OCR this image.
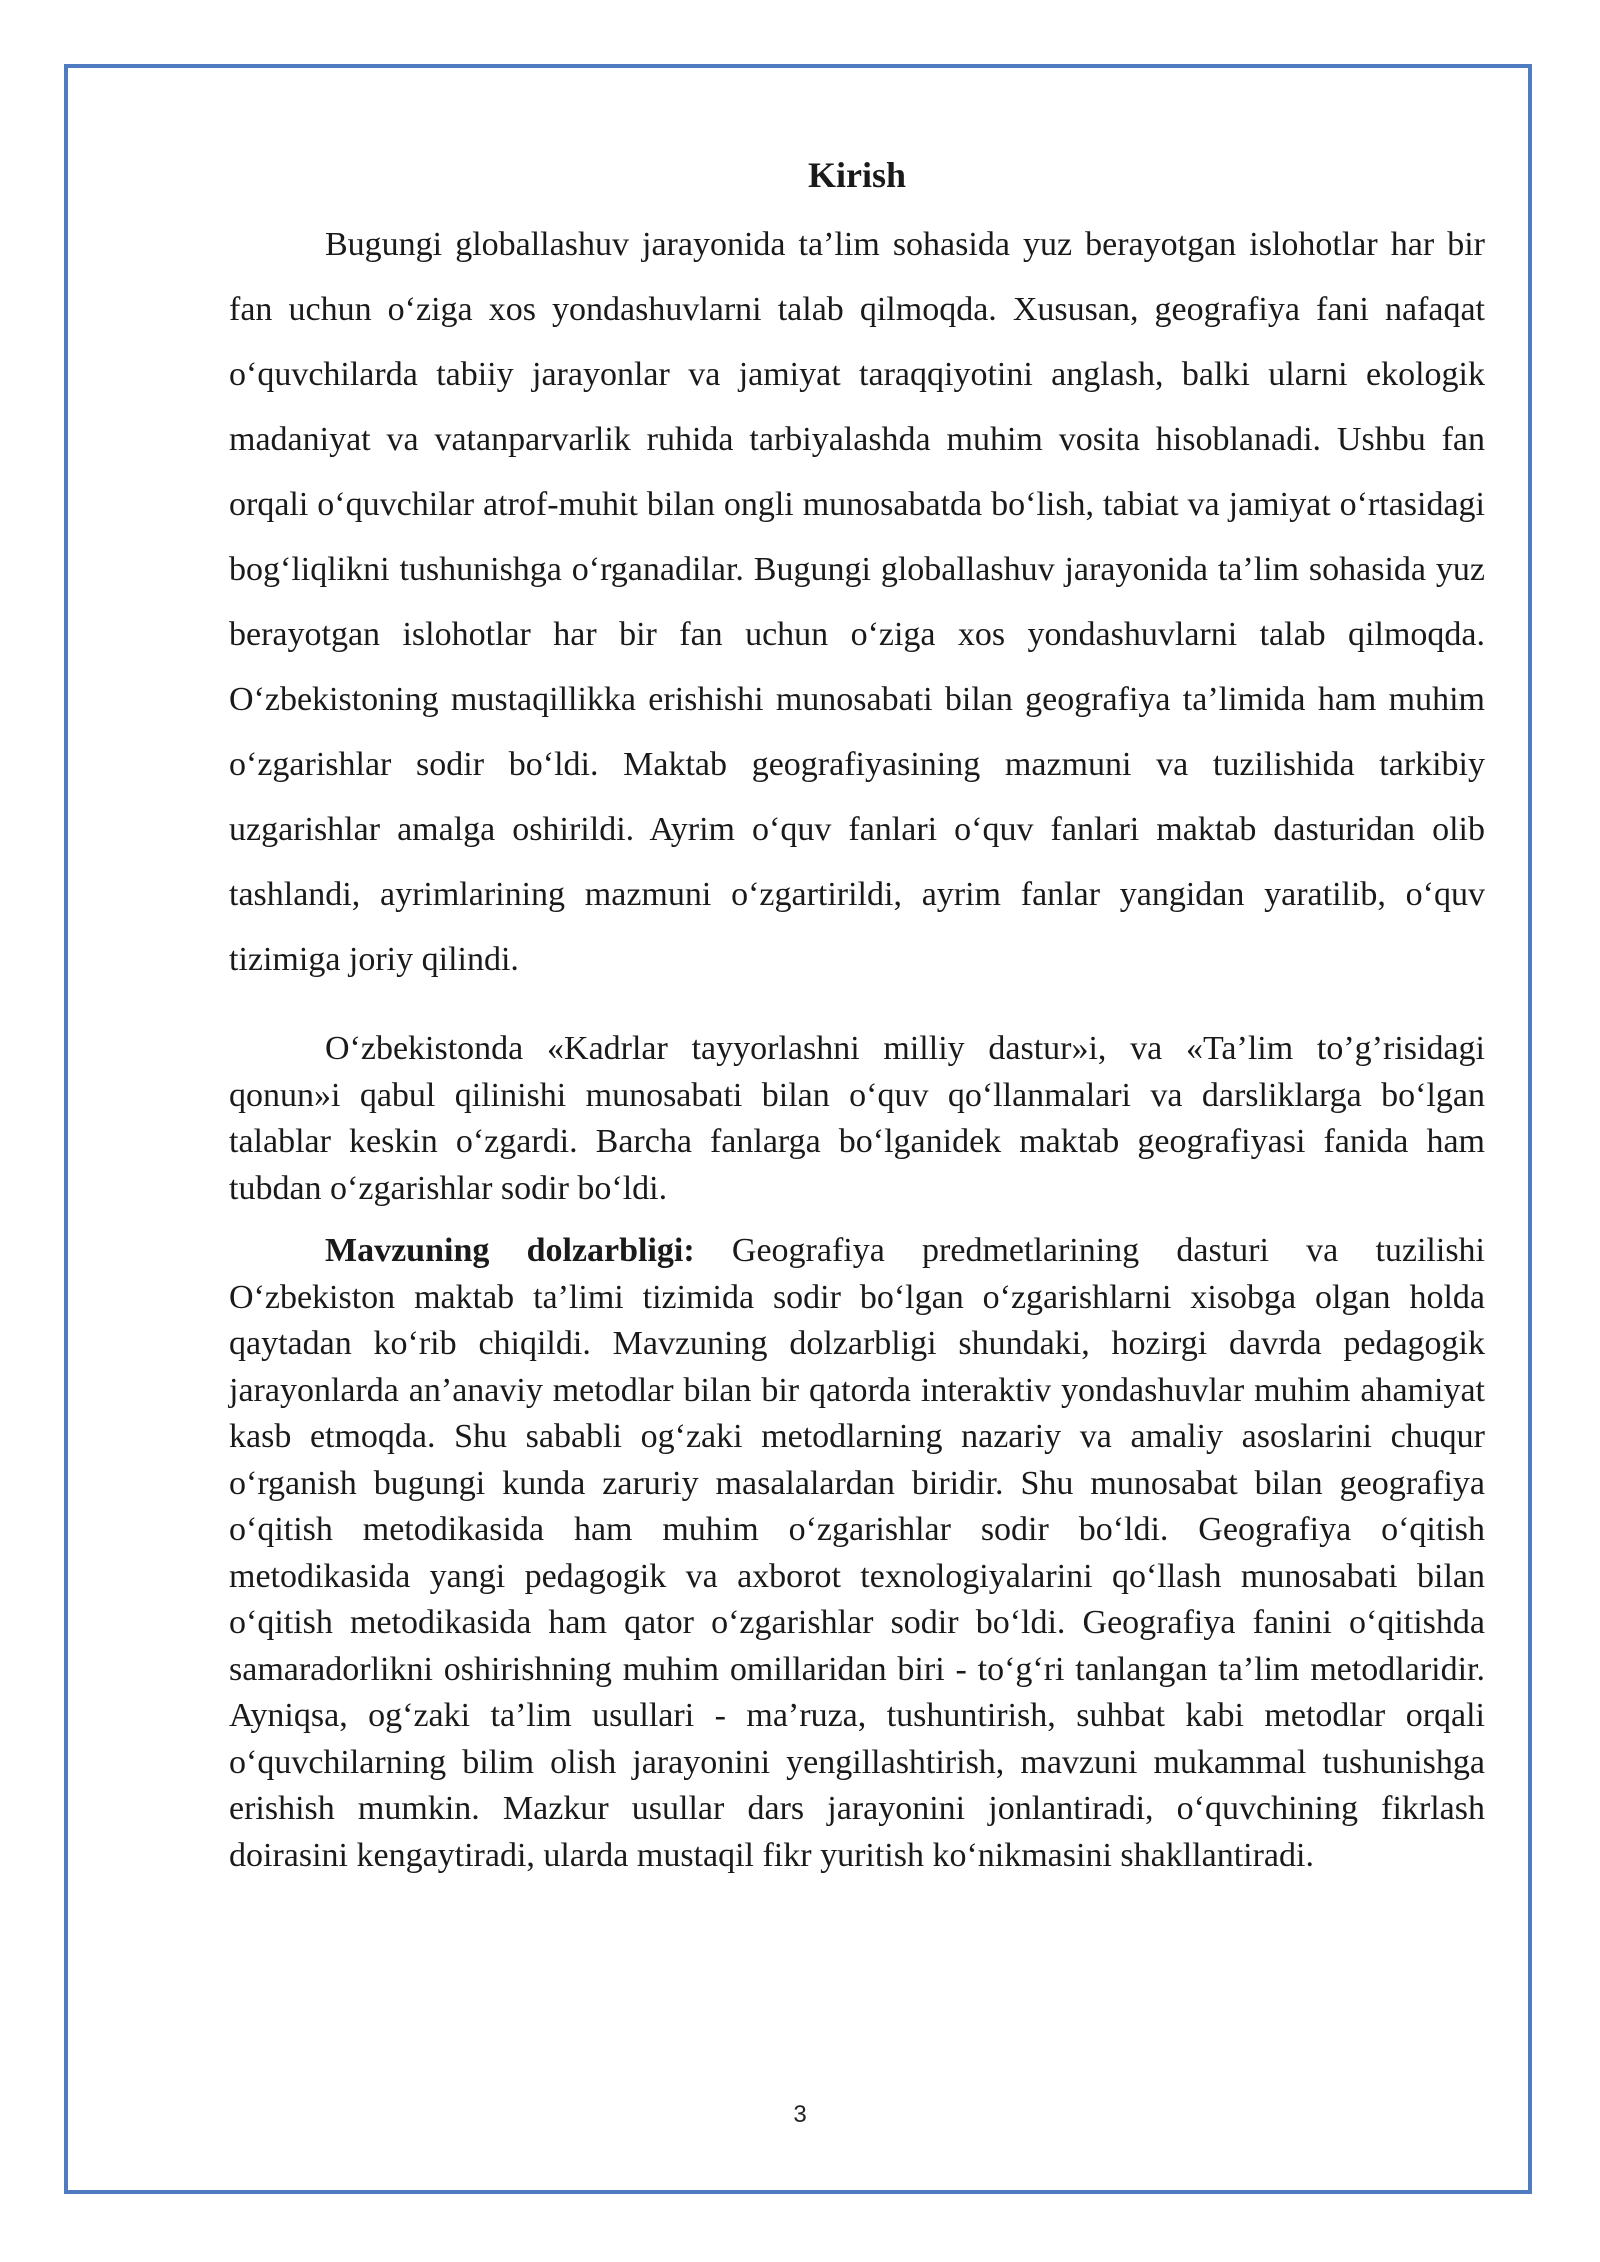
Kirish

Bugungi globallashuv jarayonida ta’lim sohasida yuz berayotgan islohotlar har bir fan uchun o‘ziga xos yondashuvlarni talab qilmoqda. Xususan, geografiya fani nafaqat o‘quvchilarda tabiiy jarayonlar va jamiyat taraqqiyotini anglash, balki ularni ekologik madaniyat va vatanparvarlik ruhida tarbiyalashda muhim vosita hisoblanadi. Ushbu fan orqali o‘quvchilar atrof-muhit bilan ongli munosabatda bo‘lish, tabiat va jamiyat o‘rtasidagi bog‘liqlikni tushunishga o‘rganadilar. Bugungi globallashuv jarayonida ta’lim sohasida yuz berayotgan islohotlar har bir fan uchun o‘ziga xos yondashuvlarni talab qilmoqda. O‘zbekistoning mustaqillikka erishishi munosabati bilan geografiya ta’limida ham muhim o‘zgarishlar sodir bo‘ldi. Maktab geografiyasining mazmuni va tuzilishida tarkibiy uzgarishlar amalga oshirildi. Ayrim o‘quv fanlari o‘quv fanlari maktab dasturidan olib tashlandi, ayrimlarining mazmuni o‘zgartirildi, ayrim fanlar yangidan yaratilib, o‘quv tizimiga joriy qilindi.

O‘zbekistonda «Kadrlar tayyorlashni milliy dastur»i, va «Ta’lim to’g’risidagi qonun»i qabul qilinishi munosabati bilan o‘quv qo‘llanmalari va darsliklarga bo‘lgan talablar keskin o‘zgardi. Barcha fanlarga bo‘lganidek maktab geografiyasi fanida ham tubdan o‘zgarishlar sodir bo‘ldi.

Mavzuning dolzarbligi: Geografiya predmetlarining dasturi va tuzilishi O‘zbekiston maktab ta’limi tizimida sodir bo‘lgan o‘zgarishlarni xisobga olgan holda qaytadan ko‘rib chiqildi. Mavzuning dolzarbligi shundaki, hozirgi davrda pedagogik jarayonlarda an’anaviy metodlar bilan bir qatorda interaktiv yondashuvlar muhim ahamiyat kasb etmoqda. Shu sababli og‘zaki metodlarning nazariy va amaliy asoslarini chuqur o‘rganish bugungi kunda zaruriy masalalardan biridir. Shu munosabat bilan geografiya o‘qitish metodikasida ham muhim o‘zgarishlar sodir bo‘ldi. Geografiya o‘qitish metodikasida yangi pedagogik va axborot texnologiyalarini qo‘llash munosabati bilan o‘qitish metodikasida ham qator o‘zgarishlar sodir bo‘ldi. Geografiya fanini o‘qitishda samaradorlikni oshirishning muhim omillaridan biri - to‘g‘ri tanlangan ta’lim metodlaridir. Ayniqsa, og‘zaki ta’lim usullari - ma’ruza, tushuntirish, suhbat kabi metodlar orqali o‘quvchilarning bilim olish jarayonini yengillashtirish, mavzuni mukammal tushunishga erishish mumkin. Mazkur usullar dars jarayonini jonlantiradi, o‘quvchining fikrlash doirasini kengaytiradi, ularda mustaqil fikr yuritish ko‘nikmasini shakllantiradi.

3
